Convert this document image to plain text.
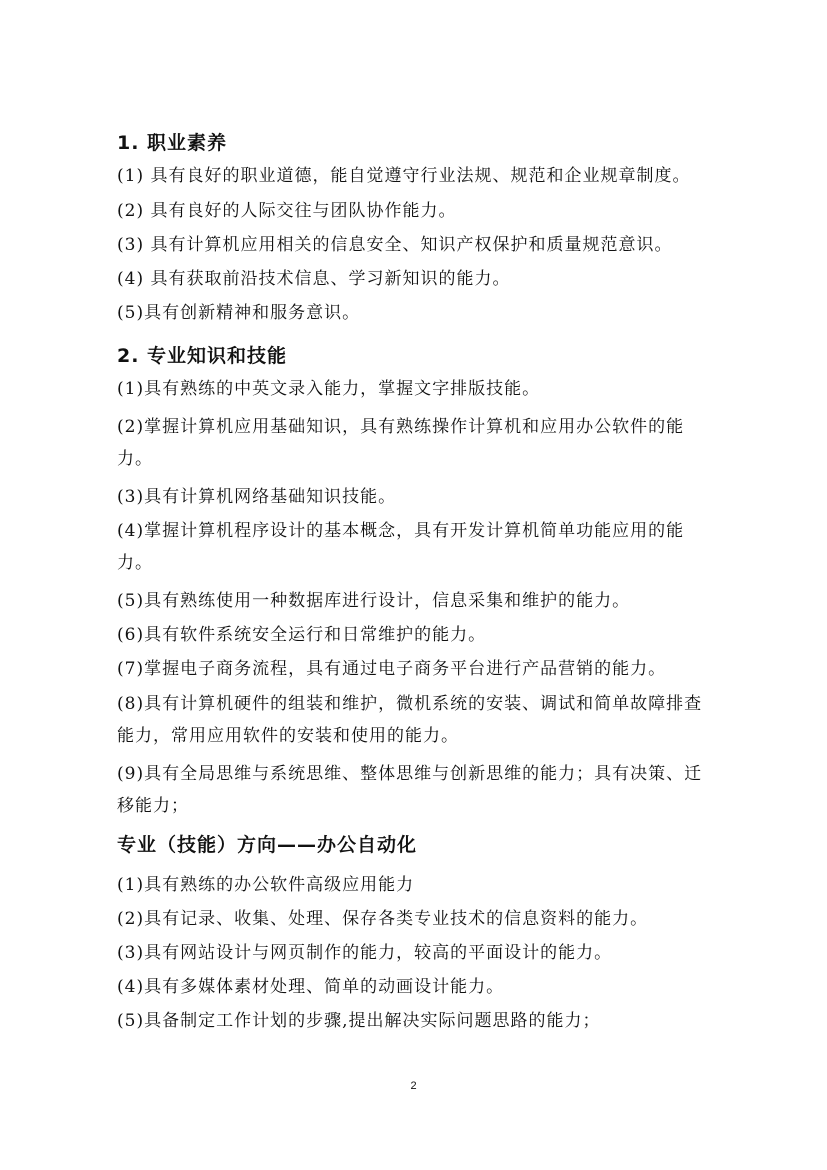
1. 职业素养
(1) 具有良好的职业道德，能自觉遵守行业法规、规范和企业规章制度。
(2) 具有良好的人际交往与团队协作能力。
(3) 具有计算机应用相关的信息安全、知识产权保护和质量规范意识。
(4) 具有获取前沿技术信息、学习新知识的能力。
(5)具有创新精神和服务意识。
2. 专业知识和技能
(1)具有熟练的中英文录入能力，掌握文字排版技能。
(2)掌握计算机应用基础知识，具有熟练操作计算机和应用办公软件的能力。
(3)具有计算机网络基础知识技能。
(4)掌握计算机程序设计的基本概念，具有开发计算机简单功能应用的能力。
(5)具有熟练使用一种数据库进行设计，信息采集和维护的能力。
(6)具有软件系统安全运行和日常维护的能力。
(7)掌握电子商务流程，具有通过电子商务平台进行产品营销的能力。
(8)具有计算机硬件的组装和维护，微机系统的安装、调试和简单故障排查能力，常用应用软件的安装和使用的能力。
(9)具有全局思维与系统思维、整体思维与创新思维的能力；具有决策、迁移能力；
专业（技能）方向——办公自动化
(1)具有熟练的办公软件高级应用能力
(2)具有记录、收集、处理、保存各类专业技术的信息资料的能力。
(3)具有网站设计与网页制作的能力，较高的平面设计的能力。
(4)具有多媒体素材处理、简单的动画设计能力。
(5)具备制定工作计划的步骤,提出解决实际问题思路的能力；
2
